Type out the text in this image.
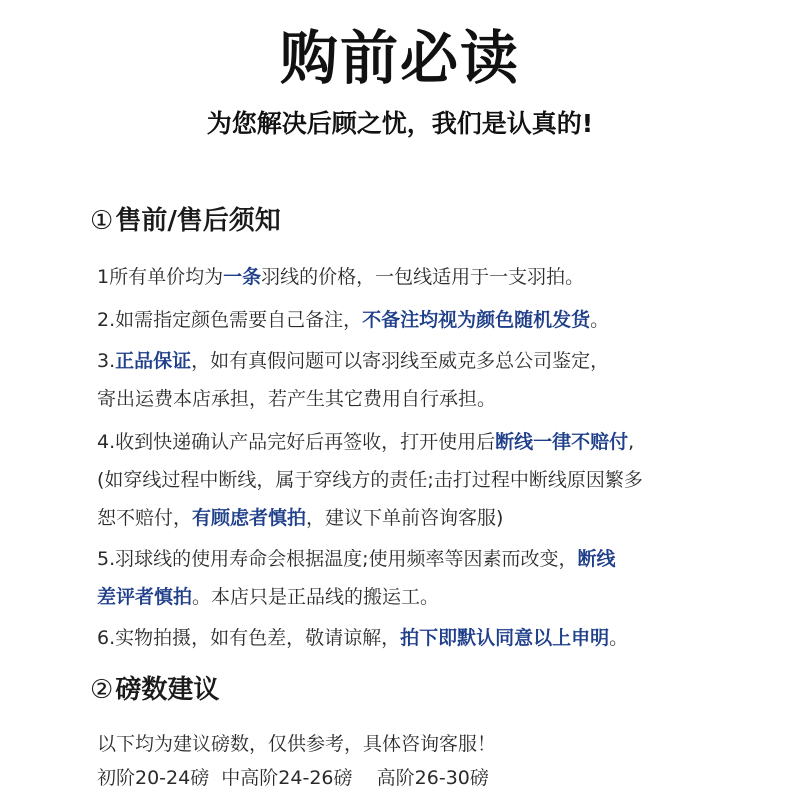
购前必读
为您解决后顾之忧，我们是认真的!
①售前/售后须知
1所有单价均为一条羽线的价格，一包线适用于一支羽拍。
2.如需指定颜色需要自己备注，不备注均视为颜色随机发货。
3.正品保证，如有真假问题可以寄羽线至威克多总公司鉴定，
寄出运费本店承担，若产生其它费用自行承担。
4.收到快递确认产品完好后再签收，打开使用后断线一律不赔付,
(如穿线过程中断线，属于穿线方的责任;击打过程中断线原因繁多
恕不赔付，有顾虑者慎拍，建议下单前咨询客服)
5.羽球线的使用寿命会根据温度;使用频率等因素而改变，断线
差评者慎拍。本店只是正品线的搬运工。
6.实物拍摄，如有色差，敬请谅解，拍下即默认同意以上申明。
②磅数建议
以下均为建议磅数，仅供参考，具体咨询客服！
初阶20-24磅  中高阶24-26磅    高阶26-30磅
